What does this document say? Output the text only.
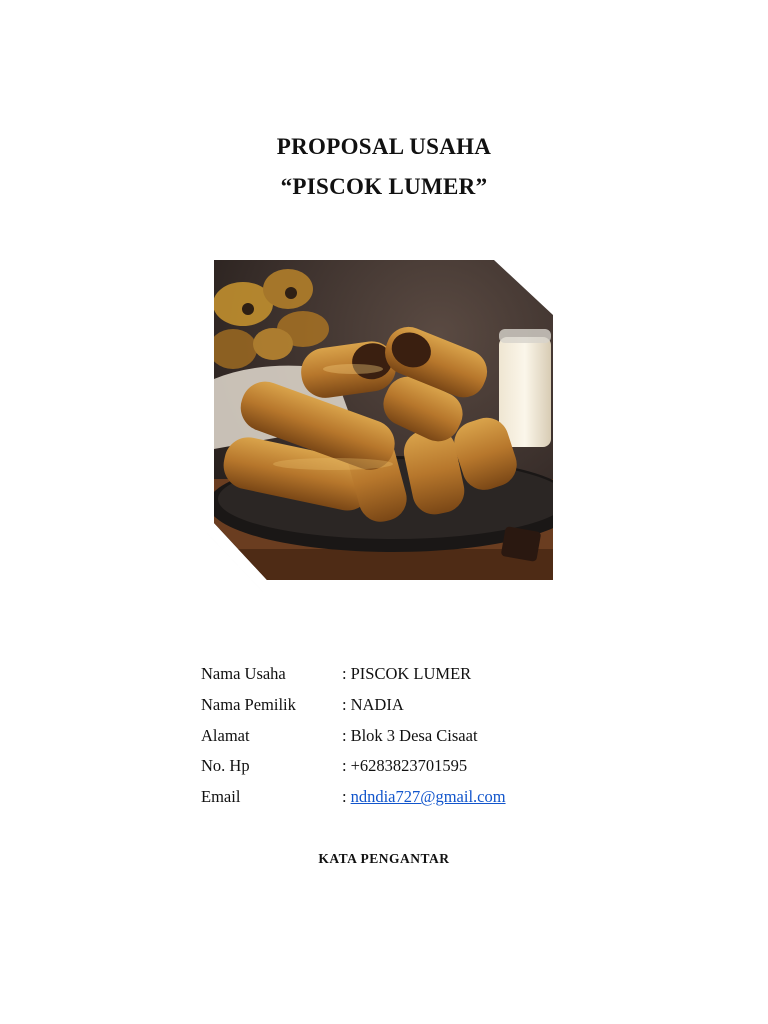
PROPOSAL USAHA
“PISCOK LUMER”
Nama Usaha	: PISCOK LUMER
Nama Pemilik	: NADIA
Alamat	: Blok 3 Desa Cisaat
No. Hp	: +6283823701595
Email	: ndndia727@gmail.com
KATA PENGANTAR
